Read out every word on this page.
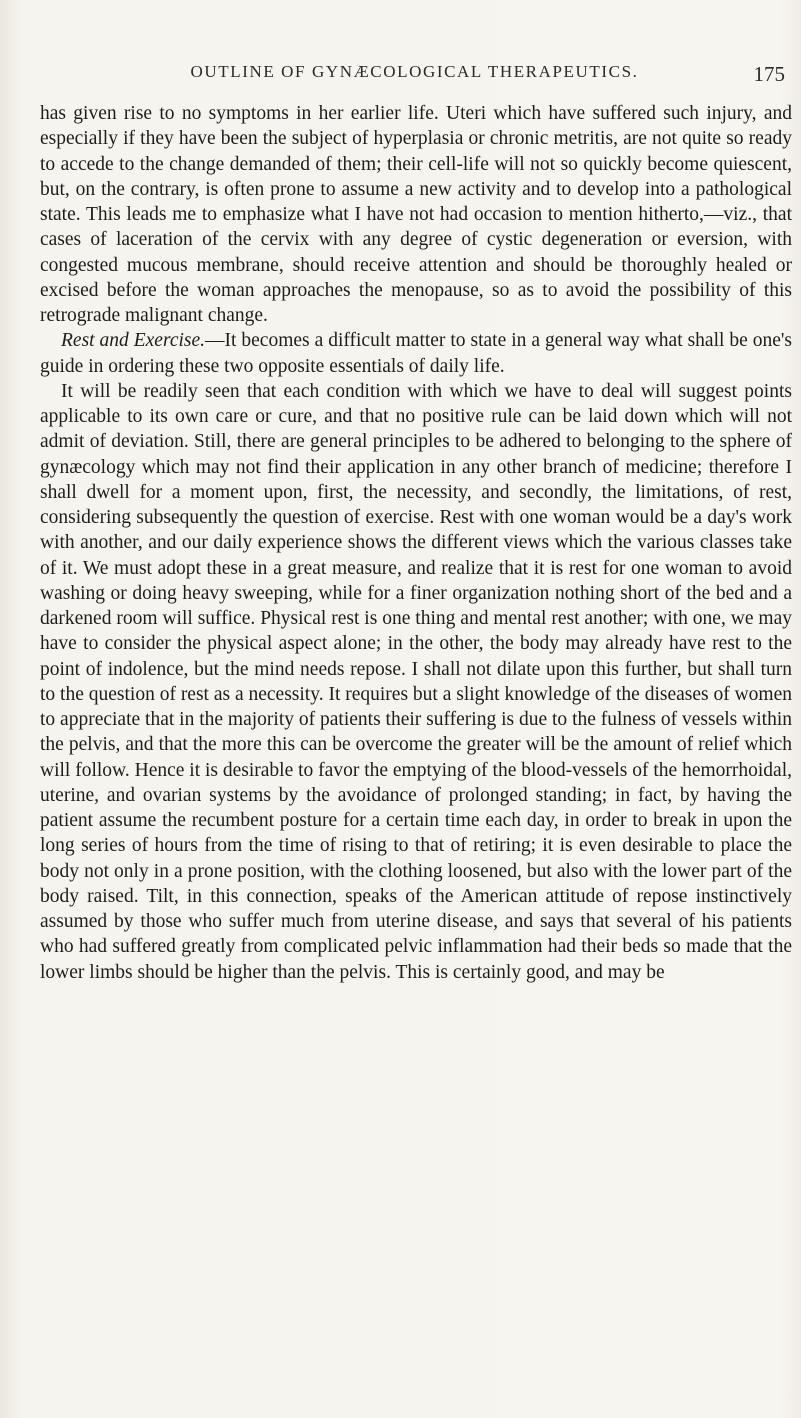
OUTLINE OF GYNÆCOLOGICAL THERAPEUTICS.	175

has given rise to no symptoms in her earlier life. Uteri which have suffered such injury, and especially if they have been the subject of hyperplasia or chronic metritis, are not quite so ready to accede to the change demanded of them; their cell-life will not so quickly become quiescent, but, on the contrary, is often prone to assume a new activity and to develop into a pathological state. This leads me to emphasize what I have not had occasion to mention hitherto,—viz., that cases of laceration of the cervix with any degree of cystic degeneration or eversion, with congested mucous membrane, should receive attention and should be thoroughly healed or excised before the woman approaches the menopause, so as to avoid the possibility of this retrograde malignant change.

Rest and Exercise.—It becomes a difficult matter to state in a general way what shall be one's guide in ordering these two opposite essentials of daily life.

It will be readily seen that each condition with which we have to deal will suggest points applicable to its own care or cure, and that no positive rule can be laid down which will not admit of deviation. Still, there are general principles to be adhered to belonging to the sphere of gynæcology which may not find their application in any other branch of medicine; therefore I shall dwell for a moment upon, first, the necessity, and secondly, the limitations, of rest, considering subsequently the question of exercise. Rest with one woman would be a day's work with another, and our daily experience shows the different views which the various classes take of it. We must adopt these in a great measure, and realize that it is rest for one woman to avoid washing or doing heavy sweeping, while for a finer organization nothing short of the bed and a darkened room will suffice. Physical rest is one thing and mental rest another; with one, we may have to consider the physical aspect alone; in the other, the body may already have rest to the point of indolence, but the mind needs repose. I shall not dilate upon this further, but shall turn to the question of rest as a necessity. It requires but a slight knowledge of the diseases of women to appreciate that in the majority of patients their suffering is due to the fulness of vessels within the pelvis, and that the more this can be overcome the greater will be the amount of relief which will follow. Hence it is desirable to favor the emptying of the blood-vessels of the hemorrhoidal, uterine, and ovarian systems by the avoidance of prolonged standing; in fact, by having the patient assume the recumbent posture for a certain time each day, in order to break in upon the long series of hours from the time of rising to that of retiring; it is even desirable to place the body not only in a prone position, with the clothing loosened, but also with the lower part of the body raised. Tilt, in this connection, speaks of the American attitude of repose instinctively assumed by those who suffer much from uterine disease, and says that several of his patients who had suffered greatly from complicated pelvic inflammation had their beds so made that the lower limbs should be higher than the pelvis. This is certainly good, and may be
